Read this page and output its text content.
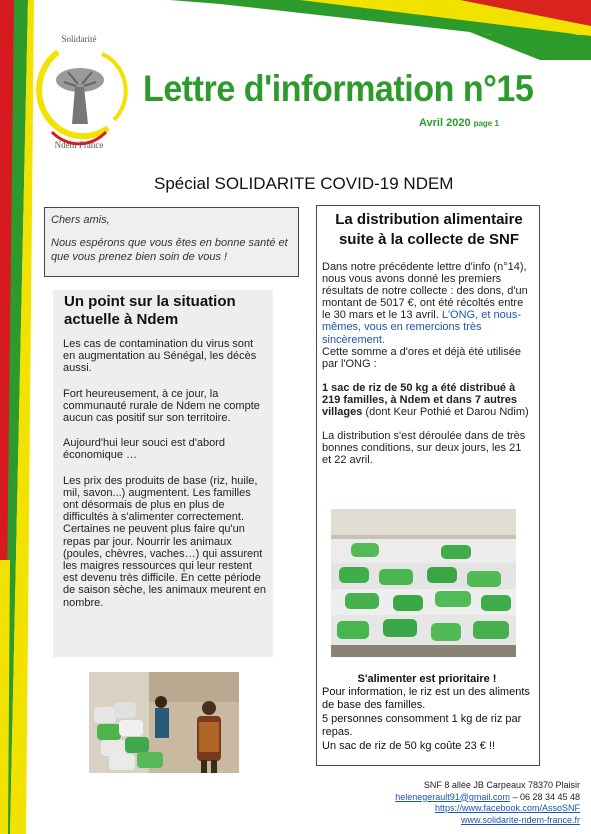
Solidarité
Ndem France
Lettre d'information n°15
Avril 2020 page 1
Spécial SOLIDARITE COVID-19 NDEM

Chers amis,

Nous espérons que vous êtes en bonne santé et que vous prenez bien soin de vous !

Un point sur la situation actuelle à Ndem

Les cas de contamination du virus sont en augmentation au Sénégal, les décès aussi.

Fort heureusement, à ce jour, la communauté rurale de Ndem ne compte aucun cas positif sur son territoire.

Aujourd'hui leur souci est d'abord économique …

Les prix des produits de base (riz, huile, mil, savon...) augmentent. Les familles ont désormais de plus en plus de difficultés à s'alimenter correctement. Certaines ne peuvent plus faire qu'un repas par jour. Nourrir les animaux (poules, chèvres, vaches…) qui assurent les maigres ressources qui leur restent est devenu très difficile. En cette période de saison sèche, les animaux meurent en nombre.

La distribution alimentaire suite à la collecte de SNF

Dans notre précédente lettre d'info (n°14), nous vous avons donné les premiers résultats de notre collecte : des dons, d'un montant de 5017 €, ont été récoltés entre le 30 mars et le 13 avril. L'ONG, et nous-mêmes, vous en remercions très sincèrement.

Cette somme a d'ores et déjà été utilisée par l'ONG :

1 sac de riz de 50 kg a été distribué à 219 familles, à Ndem et dans 7 autres villages (dont Keur Pothié et Darou Ndim)

La distribution s'est déroulée dans de très bonnes conditions, sur deux jours, les 21 et 22 avril.

S'alimenter est prioritaire !

Pour information, le riz est un des aliments de base des familles.

5 personnes consomment 1 kg de riz par repas.

Un sac de riz de 50 kg coûte 23 € !!

SNF 8 allée JB Carpeaux 78370 Plaisir
helenegerault91@gmail.com – 06 28 34 45 48
https://www.facebook.com/AssoSNF
www.solidarite-ndem-france.fr
